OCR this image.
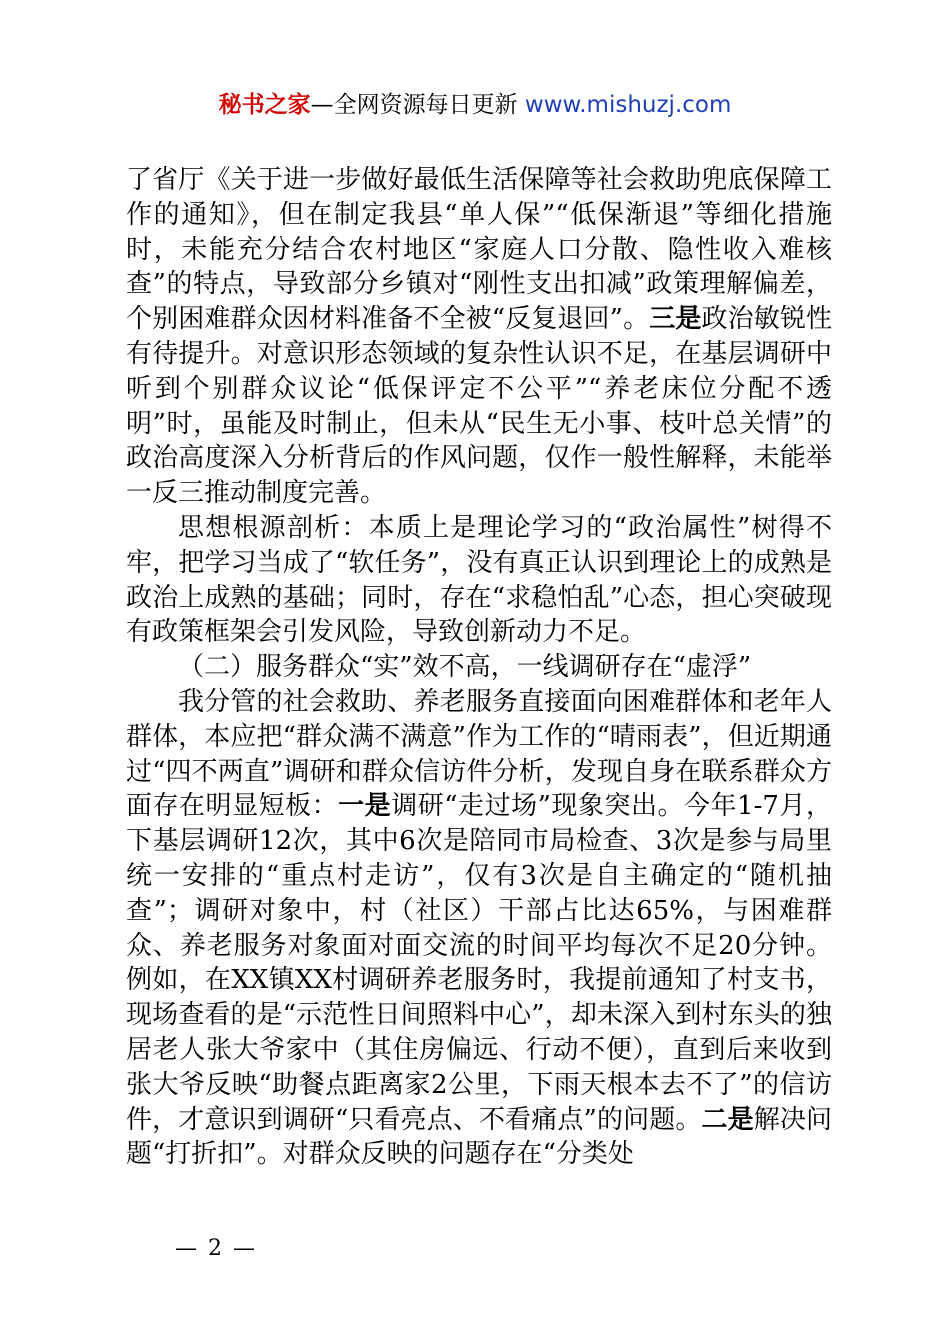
秘书之家—全网资源每日更新 www.mishuzj.com

了省厅《关于进一步做好最低生活保障等社会救助兜底保障工作的通知》，但在制定我县“单人保”“低保渐退”等细化措施时，未能充分结合农村地区“家庭人口分散、隐性收入难核查”的特点，导致部分乡镇对“刚性支出扣减”政策理解偏差，个别困难群众因材料准备不全被“反复退回”。三是政治敏锐性有待提升。对意识形态领域的复杂性认识不足，在基层调研中听到个别群众议论“低保评定不公平”“养老床位分配不透明”时，虽能及时制止，但未从“民生无小事、枝叶总关情”的政治高度深入分析背后的作风问题，仅作一般性解释，未能举一反三推动制度完善。

思想根源剖析：本质上是理论学习的“政治属性”树得不牢，把学习当成了“软任务”，没有真正认识到理论上的成熟是政治上成熟的基础；同时，存在“求稳怕乱”心态，担心突破现有政策框架会引发风险，导致创新动力不足。

（二）服务群众“实”效不高，一线调研存在“虚浮”

我分管的社会救助、养老服务直接面向困难群体和老年人群体，本应把“群众满不满意”作为工作的“晴雨表”，但近期通过“四不两直”调研和群众信访件分析，发现自身在联系群众方面存在明显短板：一是调研“走过场”现象突出。今年1-7月，下基层调研12次，其中6次是陪同市局检查、3次是参与局里统一安排的“重点村走访”，仅有3次是自主确定的“随机抽查”；调研对象中，村（社区）干部占比达65%，与困难群众、养老服务对象面对面交流的时间平均每次不足20分钟。例如，在XX镇XX村调研养老服务时，我提前通知了村支书，现场查看的是“示范性日间照料中心”，却未深入到村东头的独居老人张大爷家中（其住房偏远、行动不便），直到后来收到张大爷反映“助餐点距离家2公里，下雨天根本去不了”的信访件，才意识到调研“只看亮点、不看痛点”的问题。二是解决问题“打折扣”。对群众反映的问题存在“分类处

— 2 —
